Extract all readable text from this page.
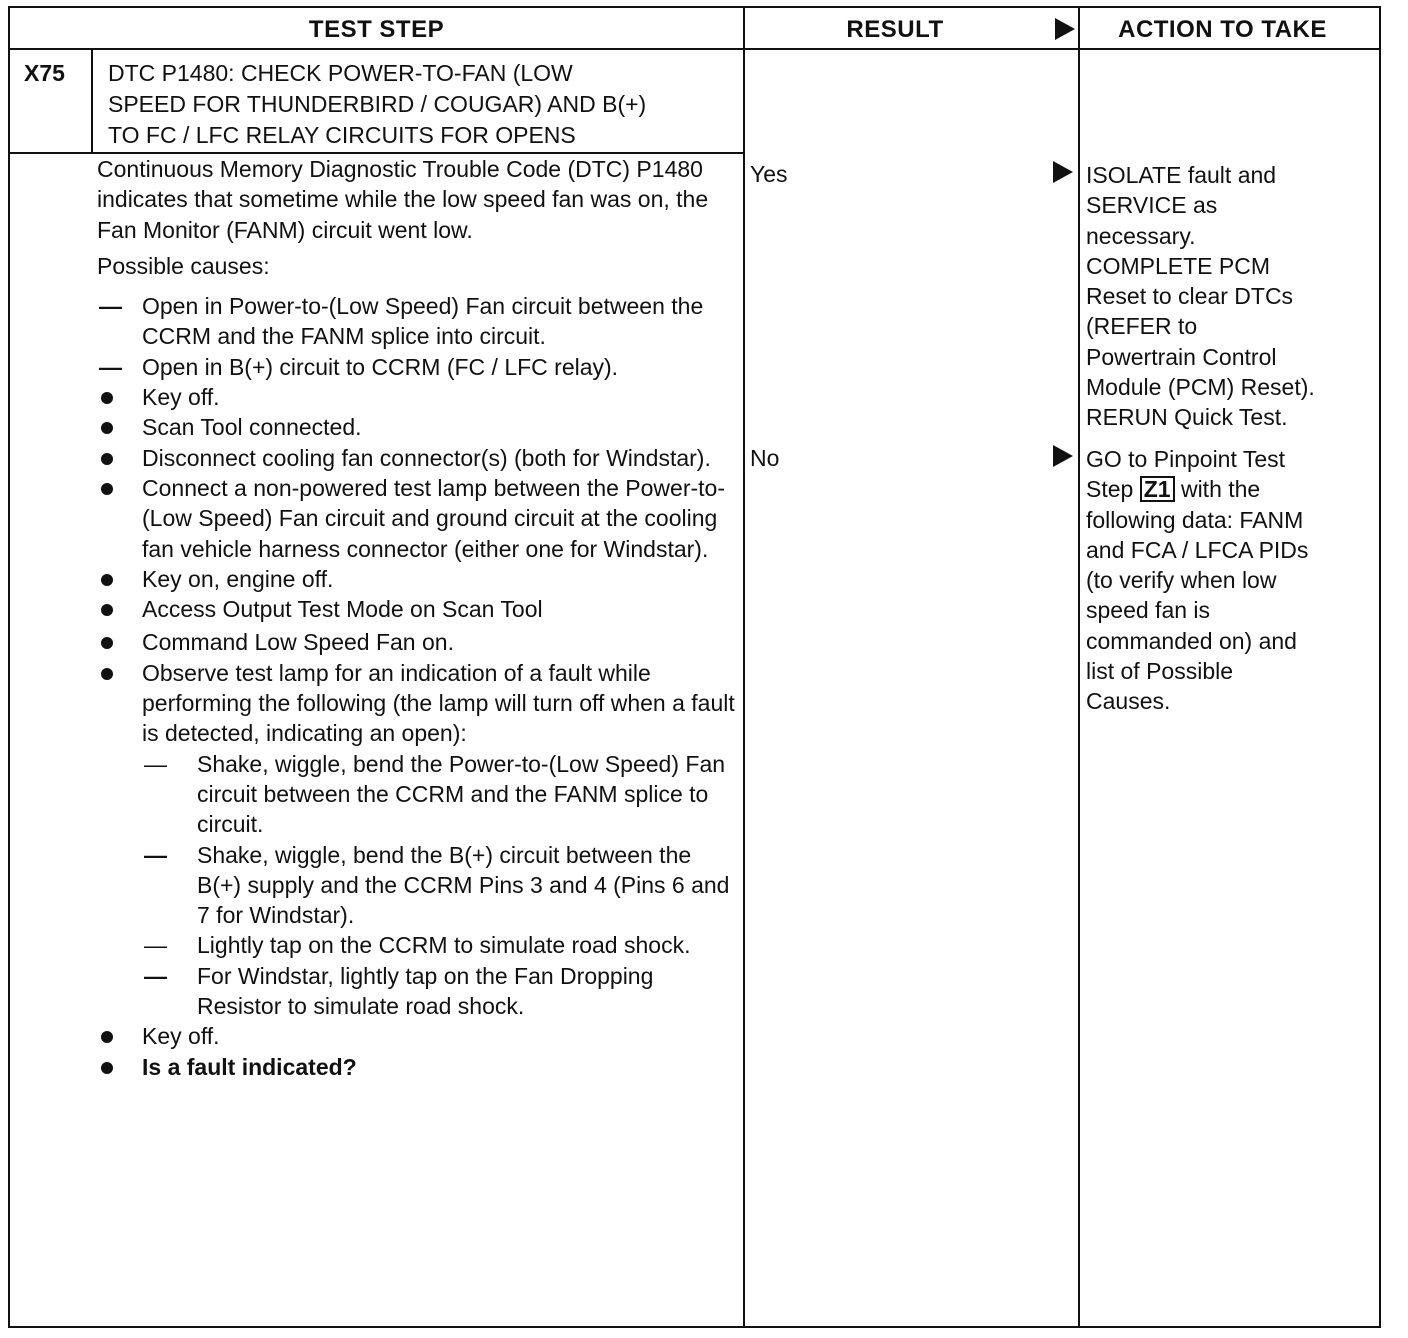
TEST STEP	RESULT	ACTION TO TAKE
X75 DTC P1480: CHECK POWER-TO-FAN (LOW
SPEED FOR THUNDERBIRD / COUGAR) AND B(+)
TO FC / LFC RELAY CIRCUITS FOR OPENS

Continuous Memory Diagnostic Trouble Code (DTC) P1480 indicates that sometime while the low speed fan was on, the Fan Monitor (FANM) circuit went low.

Possible causes:

— Open in Power-to-(Low Speed) Fan circuit between the CCRM and the FANM splice into circuit.
— Open in B(+) circuit to CCRM (FC / LFC relay).
Key off.
Scan Tool connected.
Disconnect cooling fan connector(s) (both for Windstar).
Connect a non-powered test lamp between the Power-to-(Low Speed) Fan circuit and ground circuit at the cooling fan vehicle harness connector (either one for Windstar).
Key on, engine off.
Access Output Test Mode on Scan Tool
Command Low Speed Fan on.
Observe test lamp for an indication of a fault while performing the following (the lamp will turn off when a fault is detected, indicating an open):
— Shake, wiggle, bend the Power-to-(Low Speed) Fan circuit between the CCRM and the FANM splice to circuit.
— Shake, wiggle, bend the B(+) circuit between the B(+) supply and the CCRM Pins 3 and 4 (Pins 6 and 7 for Windstar).
— Lightly tap on the CCRM to simulate road shock.
— For Windstar, lightly tap on the Fan Dropping Resistor to simulate road shock.
Key off.
Is a fault indicated?
Yes	ISOLATE fault and
SERVICE as
necessary.
COMPLETE PCM
Reset to clear DTCs
(REFER to
Powertrain Control
Module (PCM) Reset).
RERUN Quick Test.
No	GO to Pinpoint Test
Step Z1 with the
following data: FANM
and FCA / LFCA PIDs
(to verify when low
speed fan is
commanded on) and
list of Possible
Causes.
